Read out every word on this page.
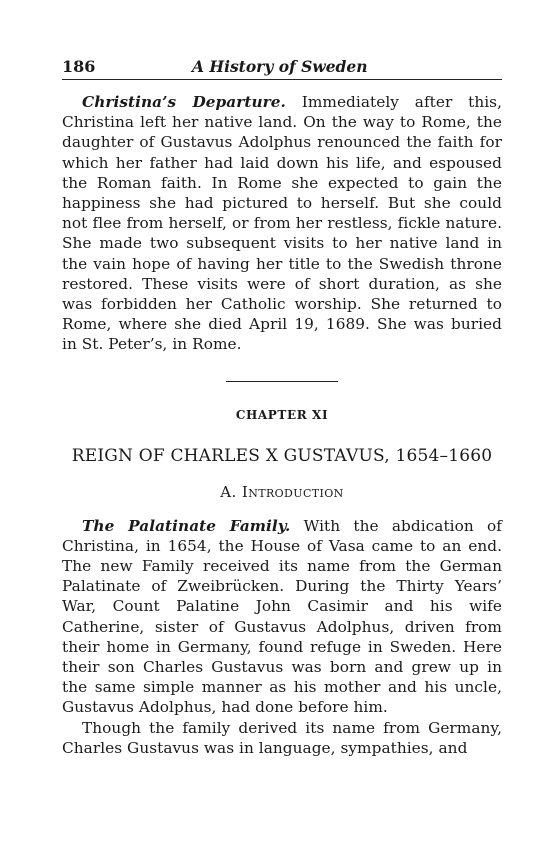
186	A History of Sweden

Christina’s Departure. Immediately after this, Christina left her native land. On the way to Rome, the daughter of Gustavus Adolphus renounced the faith for which her father had laid down his life, and espoused the Roman faith. In Rome she expected to gain the happiness she had pictured to herself. But she could not flee from herself, or from her restless, fickle nature. She made two subsequent visits to her native land in the vain hope of having her title to the Swedish throne restored. These visits were of short duration, as she was forbidden her Catholic worship. She returned to Rome, where she died April 19, 1689. She was buried in St. Peter’s, in Rome.

CHAPTER XI
REIGN OF CHARLES X GUSTAVUS, 1654–1660
A. Introduction

The Palatinate Family. With the abdication of Christina, in 1654, the House of Vasa came to an end. The new Family received its name from the German Palatinate of Zweibrücken. During the Thirty Years’ War, Count Palatine John Casimir and his wife Catherine, sister of Gustavus Adolphus, driven from their home in Germany, found refuge in Sweden. Here their son Charles Gustavus was born and grew up in the same simple manner as his mother and his uncle, Gustavus Adolphus, had done before him.

Though the family derived its name from Germany, Charles Gustavus was in language, sympathies, and
